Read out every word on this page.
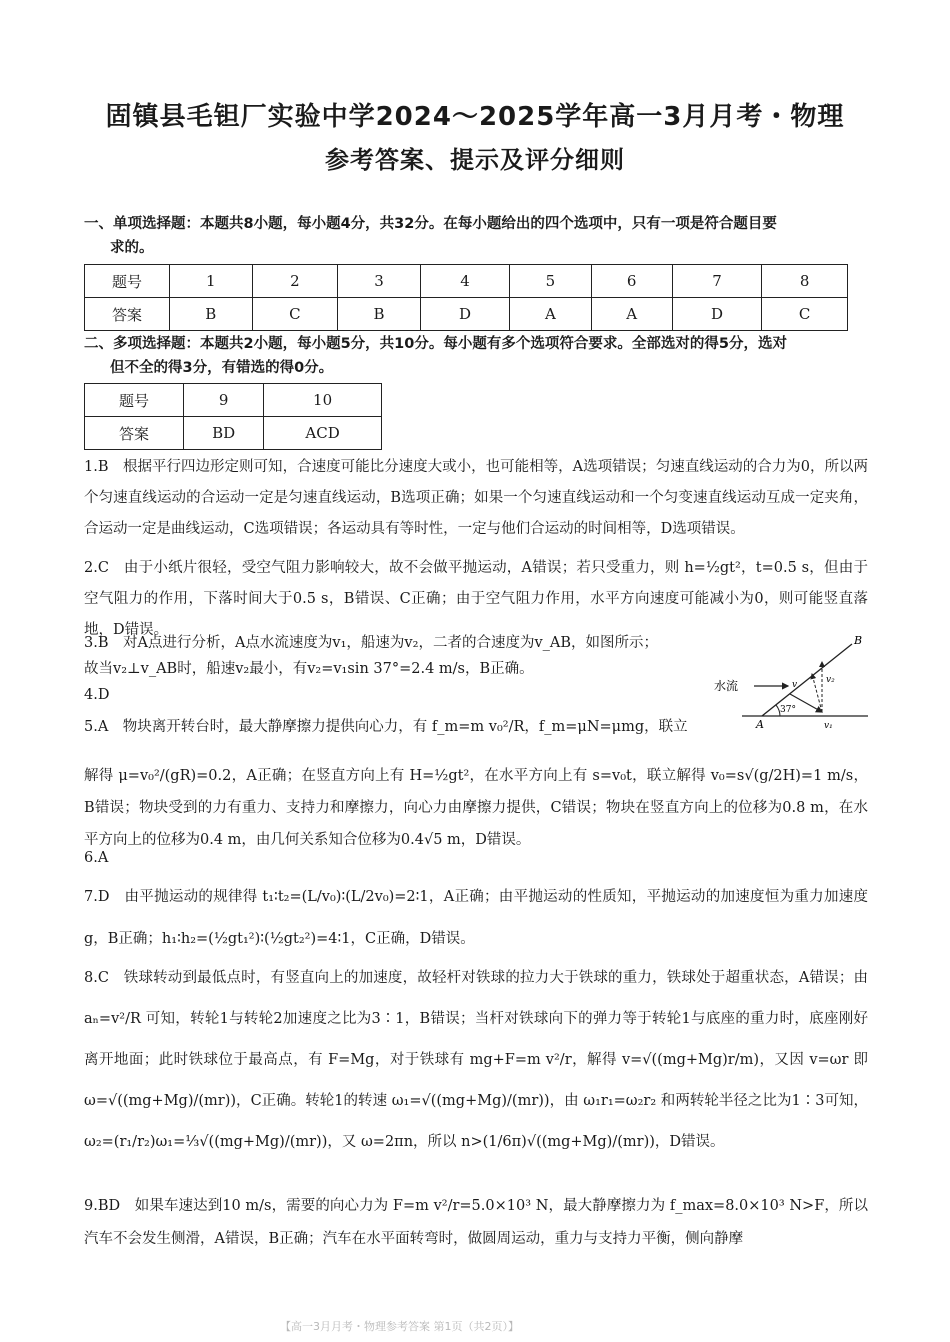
固镇县毛钽厂实验中学2024～2025学年高一3月月考・物理
参考答案、提示及评分细则
一、单项选择题：本题共8小题，每小题4分，共32分。在每小题给出的四个选项中，只有一项是符合题目要
求的。
题号	1	2	3	4	5	6	7	8
答案	B	C	B	D	A	A	D	C
二、多项选择题：本题共2小题，每小题5分，共10分。每小题有多个选项符合要求。全部选对的得5分，选对
但不全的得3分，有错选的得0分。
题号	9	10
答案	BD	ACD
1.B　根据平行四边形定则可知，合速度可能比分速度大或小，也可能相等，A选项错误；匀速直线运动的合力为0，所以两个匀速直线运动的合运动一定是匀速直线运动，B选项正确；如果一个匀速直线运动和一个匀变速直线运动互成一定夹角，合运动一定是曲线运动，C选项错误；各运动具有等时性，一定与他们合运动的时间相等，D选项错误。
2.C　由于小纸片很轻，受空气阻力影响较大，故不会做平抛运动，A错误；若只受重力，则 h=½gt²，t=0.5 s，但由于空气阻力的作用，下落时间大于0.5 s，B错误、C正确；由于空气阻力作用，水平方向速度可能减小为0，则可能竖直落地，D错误。
3.B　对A点进行分析，A点水流速度为v₁，船速为v₂，二者的合速度为v_AB，如图所示；
故当v₂⊥v_AB时，船速v₂最小，有v₂=v₁sin 37°=2.4 m/s，B正确。
4.D
水流
A
B
37°
v
v₁
v₂
5.A　物块离开转台时，最大静摩擦力提供向心力，有 f_m=m v₀²/R，f_m=μN=μmg，联立
解得 μ=v₀²/(gR)=0.2，A正确；在竖直方向上有 H=½gt²，在水平方向上有 s=v₀t，联立解得 v₀=s√(g/2H)=1 m/s，B错误；物块受到的力有重力、支持力和摩擦力，向心力由摩擦力提供，C错误；物块在竖直方向上的位移为0.8 m，在水平方向上的位移为0.4 m，由几何关系知合位移为0.4√5 m，D错误。
6.A
7.D　由平抛运动的规律得 t₁∶t₂=(L/v₀)∶(L/2v₀)=2∶1，A正确；由平抛运动的性质知，平抛运动的加速度恒为重力加速度g，B正确；h₁∶h₂=(½gt₁²)∶(½gt₂²)=4∶1，C正确，D错误。
8.C　铁球转动到最低点时，有竖直向上的加速度，故轻杆对铁球的拉力大于铁球的重力，铁球处于超重状态，A错误；由 aₙ=v²/R 可知，转轮1与转轮2加速度之比为3∶1，B错误；当杆对铁球向下的弹力等于转轮1与底座的重力时，底座刚好离开地面；此时铁球位于最高点，有 F=Mg，对于铁球有 mg+F=m v²/r，解得 v=√((mg+Mg)r/m)，又因 v=ωr 即 ω=√((mg+Mg)/(mr))，C正确。转轮1的转速 ω₁=√((mg+Mg)/(mr))，由 ω₁r₁=ω₂r₂ 和两转轮半径之比为1∶3可知，ω₂=(r₁/r₂)ω₁=⅓√((mg+Mg)/(mr))，又 ω=2πn，所以 n>(1/6π)√((mg+Mg)/(mr))，D错误。
9.BD　如果车速达到10 m/s，需要的向心力为 F=m v²/r=5.0×10³ N，最大静摩擦力为 f_max=8.0×10³ N>F，所以汽车不会发生侧滑，A错误，B正确；汽车在水平面转弯时，做圆周运动，重力与支持力平衡，侧向静摩
【高一3月月考・物理参考答案 第1页（共2页）】
